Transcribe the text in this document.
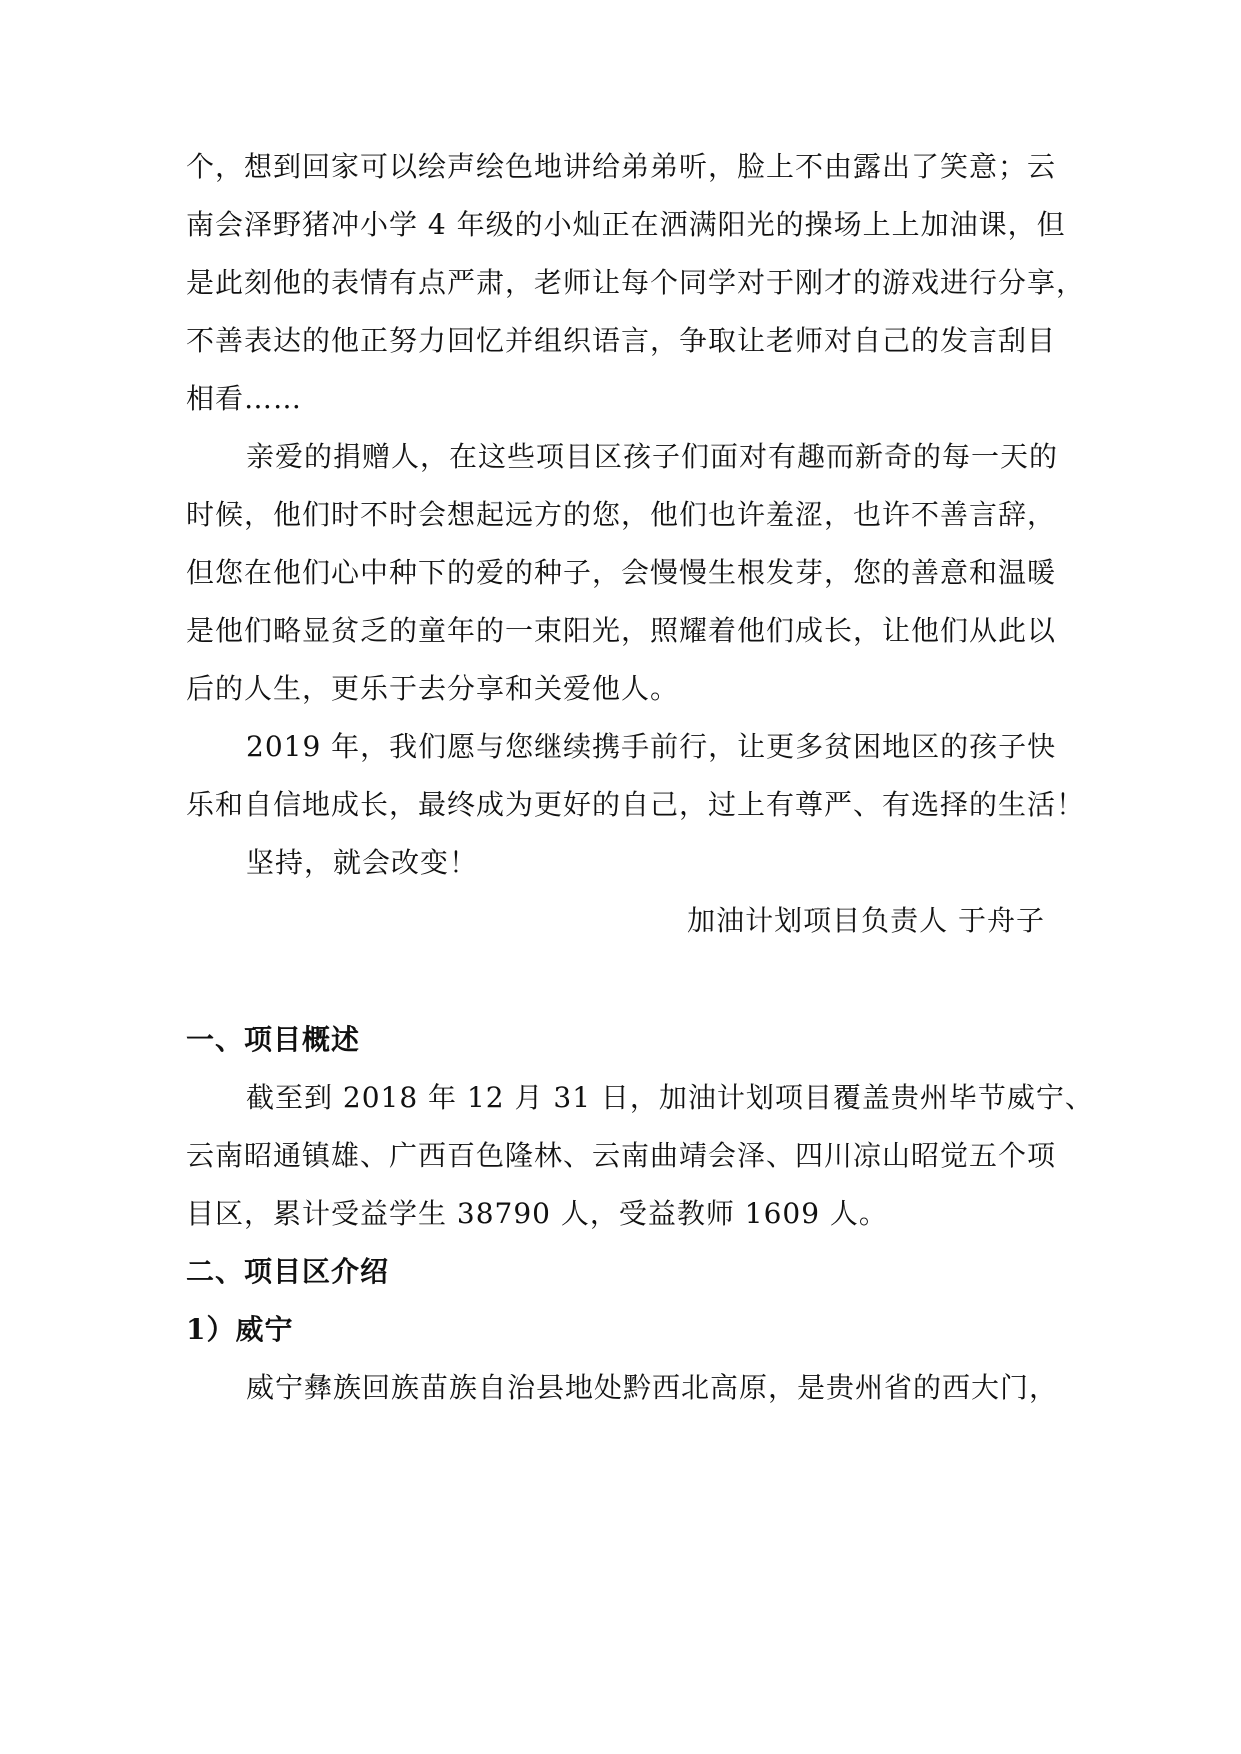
个，想到回家可以绘声绘色地讲给弟弟听，脸上不由露出了笑意；云
南会泽野猪冲小学 4 年级的小灿正在洒满阳光的操场上上加油课，但
是此刻他的表情有点严肃，老师让每个同学对于刚才的游戏进行分享，
不善表达的他正努力回忆并组织语言，争取让老师对自己的发言刮目
相看……
亲爱的捐赠人，在这些项目区孩子们面对有趣而新奇的每一天的
时候，他们时不时会想起远方的您，他们也许羞涩，也许不善言辞，
但您在他们心中种下的爱的种子，会慢慢生根发芽，您的善意和温暖
是他们略显贫乏的童年的一束阳光，照耀着他们成长，让他们从此以
后的人生，更乐于去分享和关爱他人。
2019 年，我们愿与您继续携手前行，让更多贫困地区的孩子快
乐和自信地成长，最终成为更好的自己，过上有尊严、有选择的生活！
坚持，就会改变！
加油计划项目负责人 于舟子
一、项目概述
截至到 2018 年 12 月 31 日，加油计划项目覆盖贵州毕节威宁、
云南昭通镇雄、广西百色隆林、云南曲靖会泽、四川凉山昭觉五个项
目区，累计受益学生 38790 人，受益教师 1609 人。
二、项目区介绍
1）威宁
威宁彝族回族苗族自治县地处黔西北高原，是贵州省的西大门，
